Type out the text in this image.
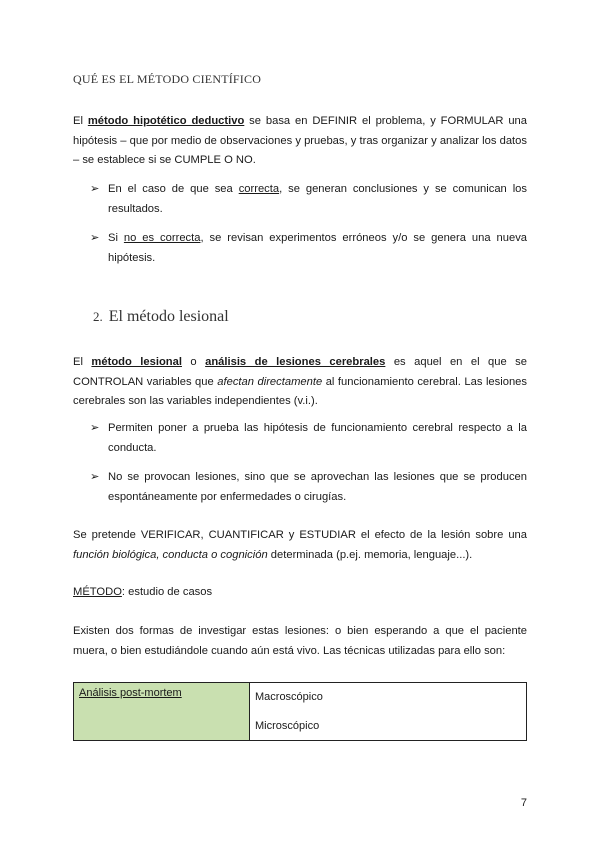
QUÉ ES EL MÉTODO CIENTÍFICO
El método hipotético deductivo se basa en DEFINIR el problema, y FORMULAR una hipótesis – que por medio de observaciones y pruebas, y tras organizar y analizar los datos – se establece si se CUMPLE O NO.
➢ En el caso de que sea correcta, se generan conclusiones y se comunican los resultados.
➢ Si no es correcta, se revisan experimentos erróneos y/o se genera una nueva hipótesis.
2. El método lesional
El método lesional o análisis de lesiones cerebrales es aquel en el que se CONTROLAN variables que afectan directamente al funcionamiento cerebral. Las lesiones cerebrales son las variables independientes (v.i.).
➢ Permiten poner a prueba las hipótesis de funcionamiento cerebral respecto a la conducta.
➢ No se provocan lesiones, sino que se aprovechan las lesiones que se producen espontáneamente por enfermedades o cirugías.
Se pretende VERIFICAR, CUANTIFICAR y ESTUDIAR el efecto de la lesión sobre una función biológica, conducta o cognición determinada (p.ej. memoria, lenguaje...).
MÉTODO: estudio de casos
Existen dos formas de investigar estas lesiones: o bien esperando a que el paciente muera, o bien estudiándole cuando aún está vivo. Las técnicas utilizadas para ello son:
Análisis post-mortem	Macroscópico

Microscópico
7
